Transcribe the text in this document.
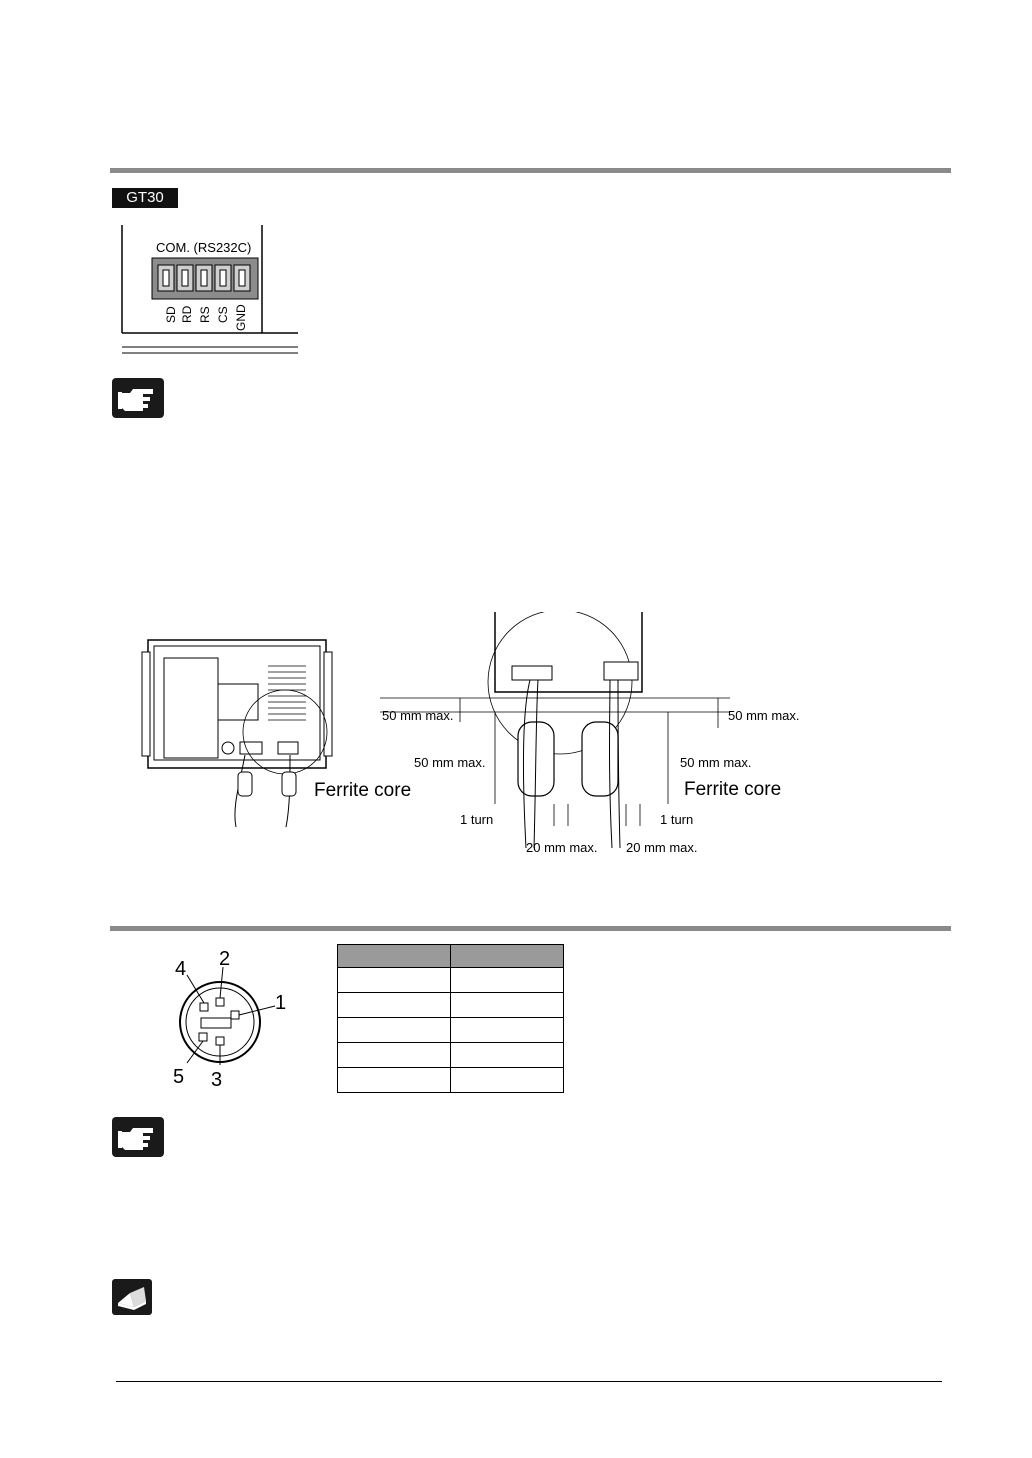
GT30
COM. (RS232C)
SD RD RS CS GND
Ferrite core
50 mm max.
50 mm max.
50 mm max.
50 mm max.
Ferrite core
1 turn	1 turn
20 mm max. 20 mm max.
4 2
1
5 3
